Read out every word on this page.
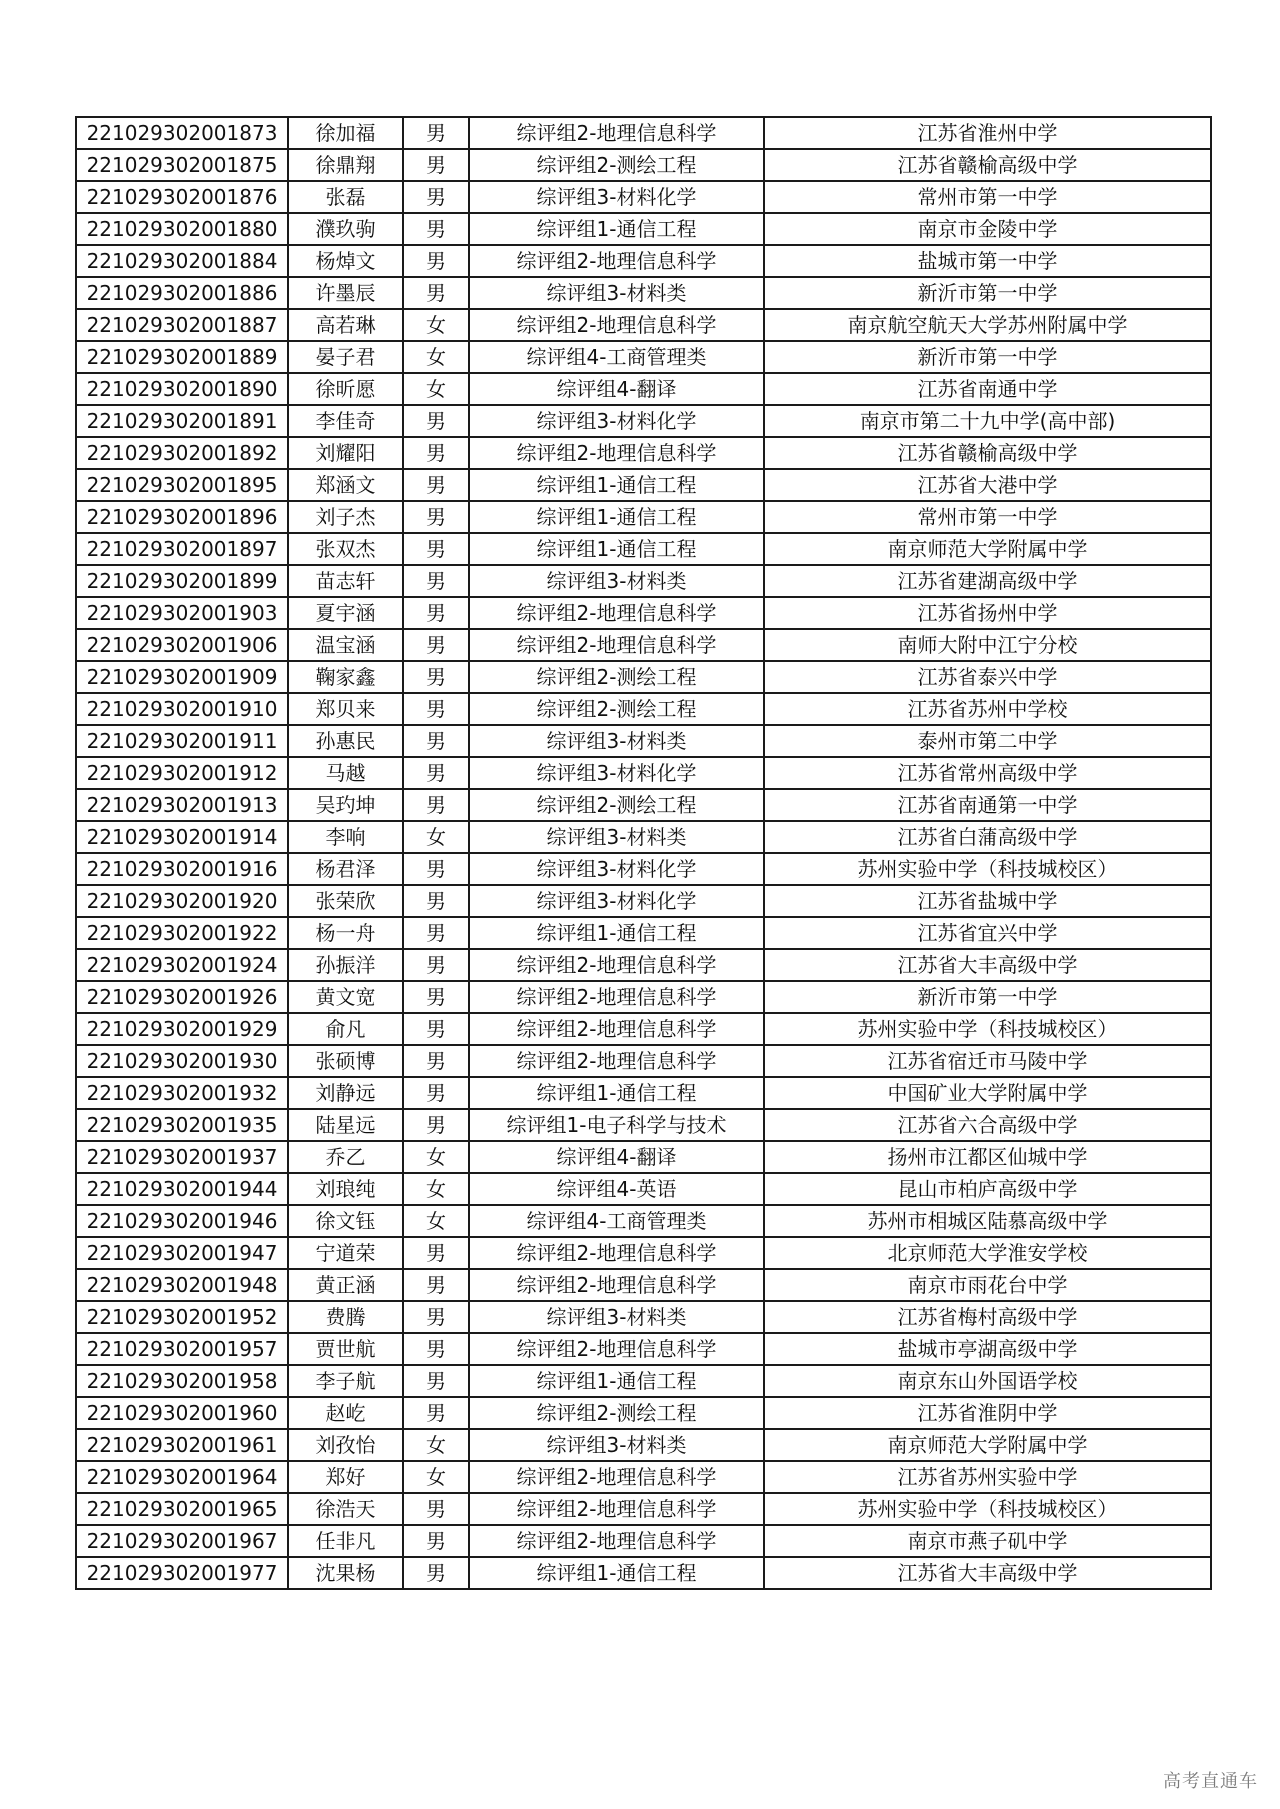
221029302001873	徐加福	男	综评组2-地理信息科学	江苏省淮州中学
221029302001875	徐鼎翔	男	综评组2-测绘工程	江苏省赣榆高级中学
221029302001876	张磊	男	综评组3-材料化学	常州市第一中学
221029302001880	濮玖驹	男	综评组1-通信工程	南京市金陵中学
221029302001884	杨焯文	男	综评组2-地理信息科学	盐城市第一中学
221029302001886	许墨辰	男	综评组3-材料类	新沂市第一中学
221029302001887	高若琳	女	综评组2-地理信息科学	南京航空航天大学苏州附属中学
221029302001889	晏子君	女	综评组4-工商管理类	新沂市第一中学
221029302001890	徐昕愿	女	综评组4-翻译	江苏省南通中学
221029302001891	李佳奇	男	综评组3-材料化学	南京市第二十九中学(高中部)
221029302001892	刘耀阳	男	综评组2-地理信息科学	江苏省赣榆高级中学
221029302001895	郑涵文	男	综评组1-通信工程	江苏省大港中学
221029302001896	刘子杰	男	综评组1-通信工程	常州市第一中学
221029302001897	张双杰	男	综评组1-通信工程	南京师范大学附属中学
221029302001899	苗志轩	男	综评组3-材料类	江苏省建湖高级中学
221029302001903	夏宇涵	男	综评组2-地理信息科学	江苏省扬州中学
221029302001906	温宝涵	男	综评组2-地理信息科学	南师大附中江宁分校
221029302001909	鞠家鑫	男	综评组2-测绘工程	江苏省泰兴中学
221029302001910	郑贝来	男	综评组2-测绘工程	江苏省苏州中学校
221029302001911	孙惠民	男	综评组3-材料类	泰州市第二中学
221029302001912	马越	男	综评组3-材料化学	江苏省常州高级中学
221029302001913	吴玓坤	男	综评组2-测绘工程	江苏省南通第一中学
221029302001914	李响	女	综评组3-材料类	江苏省白蒲高级中学
221029302001916	杨君泽	男	综评组3-材料化学	苏州实验中学（科技城校区）
221029302001920	张荣欣	男	综评组3-材料化学	江苏省盐城中学
221029302001922	杨一舟	男	综评组1-通信工程	江苏省宜兴中学
221029302001924	孙振洋	男	综评组2-地理信息科学	江苏省大丰高级中学
221029302001926	黄文宽	男	综评组2-地理信息科学	新沂市第一中学
221029302001929	俞凡	男	综评组2-地理信息科学	苏州实验中学（科技城校区）
221029302001930	张硕博	男	综评组2-地理信息科学	江苏省宿迁市马陵中学
221029302001932	刘静远	男	综评组1-通信工程	中国矿业大学附属中学
221029302001935	陆星远	男	综评组1-电子科学与技术	江苏省六合高级中学
221029302001937	乔乙	女	综评组4-翻译	扬州市江都区仙城中学
221029302001944	刘琅纯	女	综评组4-英语	昆山市柏庐高级中学
221029302001946	徐文钰	女	综评组4-工商管理类	苏州市相城区陆慕高级中学
221029302001947	宁道荣	男	综评组2-地理信息科学	北京师范大学淮安学校
221029302001948	黄正涵	男	综评组2-地理信息科学	南京市雨花台中学
221029302001952	费腾	男	综评组3-材料类	江苏省梅村高级中学
221029302001957	贾世航	男	综评组2-地理信息科学	盐城市亭湖高级中学
221029302001958	李子航	男	综评组1-通信工程	南京东山外国语学校
221029302001960	赵屹	男	综评组2-测绘工程	江苏省淮阴中学
221029302001961	刘孜怡	女	综评组3-材料类	南京师范大学附属中学
221029302001964	郑好	女	综评组2-地理信息科学	江苏省苏州实验中学
221029302001965	徐浩天	男	综评组2-地理信息科学	苏州实验中学（科技城校区）
221029302001967	任非凡	男	综评组2-地理信息科学	南京市燕子矶中学
221029302001977	沈果杨	男	综评组1-通信工程	江苏省大丰高级中学
高考直通车
